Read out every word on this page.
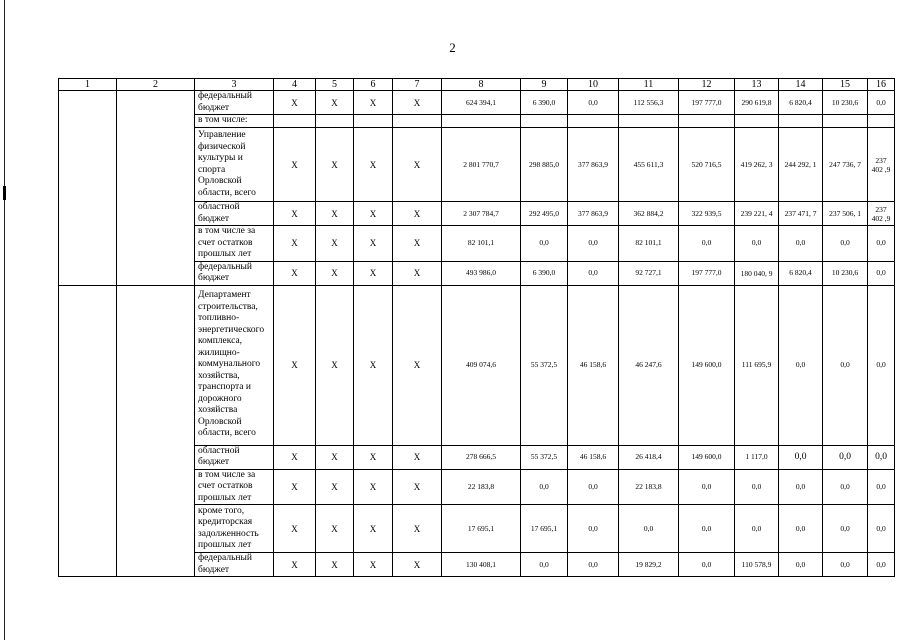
2
1	2	3	4	5	6	7	8	9	10	11	12	13	14	15	16
		федеральный бюджет	X	X	X	X	624 394,1	6 390,0	0,0	112 556,3	197 777,0	290 619,8	6 820,4	10 230,6	0,0
		в том числе:													
		Управление физической культуры и спорта Орловской области, всего	X	X	X	X	2 801 770,7	298 885,0	377 863,9	455 611,3	520 716,5	419 262, 3	244 292, 1	247 736, 7	237 402 ,9
		областной бюджет	X	X	X	X	2 307 784,7	292 495,0	377 863,9	362 884,2	322 939,5	239 221, 4	237 471, 7	237 506, 1	237 402 ,9
		в том числе за счет остатков прошлых лет	X	X	X	X	82 101,1	0,0	0,0	82 101,1	0,0	0,0	0,0	0,0	0,0
		федеральный бюджет	X	X	X	X	493 986,0	6 390,0	0,0	92 727,1	197 777,0	180 040, 9	6 820,4	10 230,6	0,0
		Департамент строительства, топливно-энергетического комплекса, жилищно-коммунального хозяйства, транспорта и дорожного хозяйства Орловской области, всего	X	X	X	X	409 074,6	55 372,5	46 158,6	46 247,6	149 600,0	111 695,9	0,0	0,0	0,0
		областной бюджет	X	X	X	X	278 666,5	55 372,5	46 158,6	26 418,4	149 600,0	1 117,0	0,0	0,0	0,0
		в том числе за счет остатков прошлых лет	X	X	X	X	22 183,8	0,0	0,0	22 183,8	0,0	0,0	0,0	0,0	0,0
		кроме того, кредиторская задолженность прошлых лет	X	X	X	X	17 695,1	17 695,1	0,0	0,0	0,0	0,0	0,0	0,0	0,0
		федеральный бюджет	X	X	X	X	130 408,1	0,0	0,0	19 829,2	0,0	110 578,9	0,0	0,0	0,0
